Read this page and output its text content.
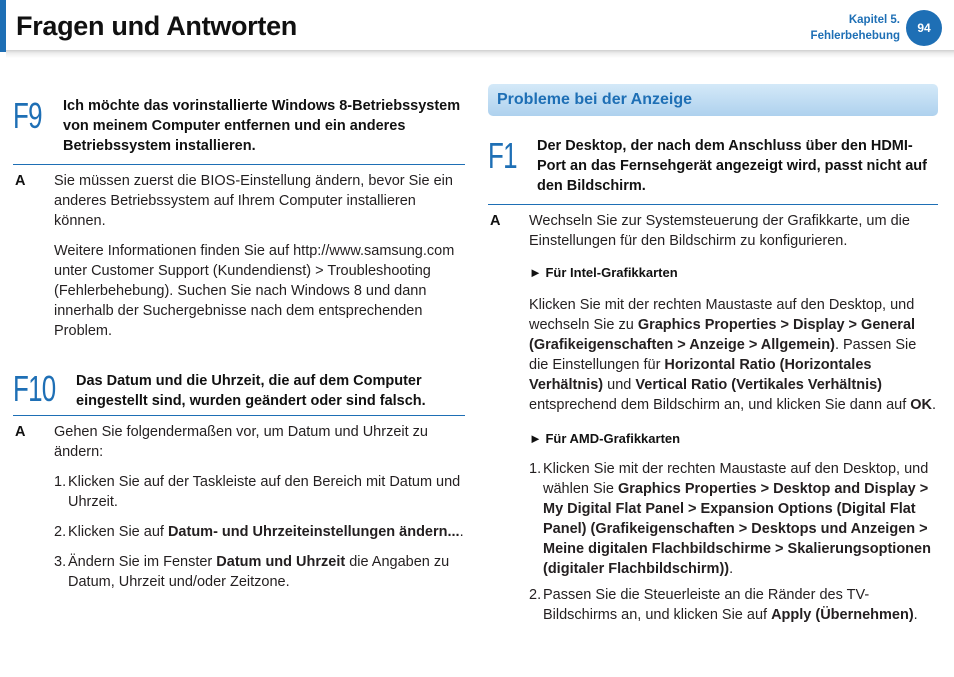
Fragen und Antworten	Kapitel 5.
Fehlerbehebung
94
F9	Ich möchte das vorinstallierte Windows 8-Betriebssystem von meinem Computer entfernen und ein anderes Betriebssystem installieren.
A Sie müssen zuerst die BIOS-Einstellung ändern, bevor Sie ein anderes Betriebssystem auf Ihrem Computer installieren können.

Weitere Informationen finden Sie auf http://www.samsung.com unter Customer Support (Kundendienst) > Troubleshooting (Fehlerbehebung). Suchen Sie nach Windows 8 und dann innerhalb der Suchergebnisse nach dem entsprechenden Problem.

F10	Das Datum und die Uhrzeit, die auf dem Computer eingestellt sind, wurden geändert oder sind falsch.
A Gehen Sie folgendermaßen vor, um Datum und Uhrzeit zu ändern:

1. Klicken Sie auf der Taskleiste auf den Bereich mit Datum und Uhrzeit.
2. Klicken Sie auf Datum- und Uhrzeiteinstellungen ändern....
3. Ändern Sie im Fenster Datum und Uhrzeit die Angaben zu Datum, Uhrzeit und/oder Zeitzone.
Probleme bei der Anzeige
F1	Der Desktop, der nach dem Anschluss über den HDMI-Port an das Fernsehgerät angezeigt wird, passt nicht auf den Bildschirm.
A Wechseln Sie zur Systemsteuerung der Grafikkarte, um die Einstellungen für den Bildschirm zu konfigurieren.

► Für Intel-Grafikkarten

Klicken Sie mit der rechten Maustaste auf den Desktop, und wechseln Sie zu Graphics Properties > Display > General (Grafikeigenschaften > Anzeige > Allgemein). Passen Sie die Einstellungen für Horizontal Ratio (Horizontales Verhältnis) und Vertical Ratio (Vertikales Verhältnis) entsprechend dem Bildschirm an, und klicken Sie dann auf OK.

► Für AMD-Grafikkarten

1. Klicken Sie mit der rechten Maustaste auf den Desktop, und wählen Sie Graphics Properties > Desktop and Display > My Digital Flat Panel > Expansion Options (Digital Flat Panel) (Grafikeigenschaften > Desktops und Anzeigen > Meine digitalen Flachbildschirme > Skalierungsoptionen (digitaler Flachbildschirm)).
2. Passen Sie die Steuerleiste an die Ränder des TV-Bildschirms an, und klicken Sie auf Apply (Übernehmen).
